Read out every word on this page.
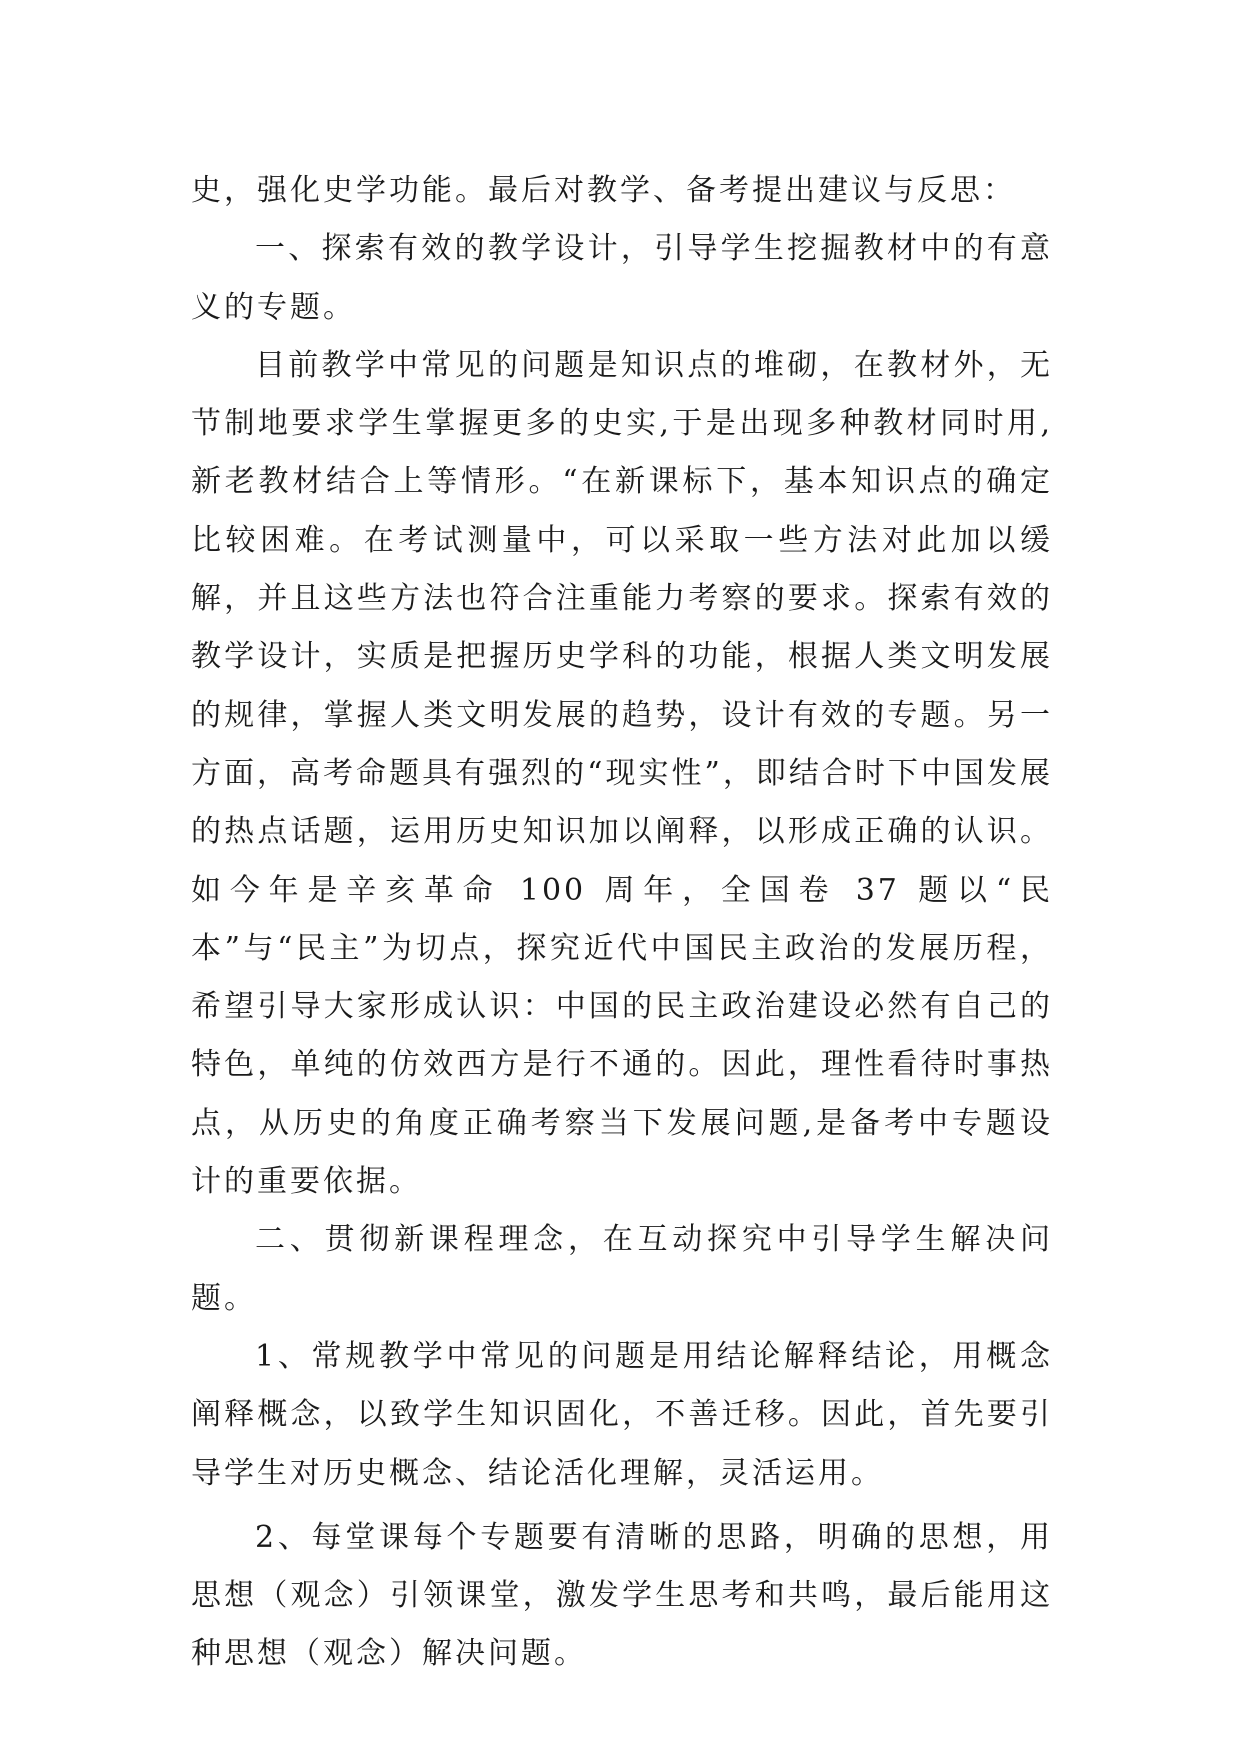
史，强化史学功能。最后对教学、备考提出建议与反思：

一、探索有效的教学设计，引导学生挖掘教材中的有意义的专题。

目前教学中常见的问题是知识点的堆砌，在教材外，无节制地要求学生掌握更多的史实,于是出现多种教材同时用,新老教材结合上等情形。“在新课标下，基本知识点的确定比较困难。在考试测量中，可以采取一些方法对此加以缓解，并且这些方法也符合注重能力考察的要求。探索有效的教学设计，实质是把握历史学科的功能，根据人类文明发展的规律，掌握人类文明发展的趋势，设计有效的专题。另一方面，高考命题具有强烈的“现实性”，即结合时下中国发展的热点话题，运用历史知识加以阐释，以形成正确的认识。如今年是辛亥革命 100 周年，全国卷 37 题以“民本”与“民主”为切点，探究近代中国民主政治的发展历程，希望引导大家形成认识：中国的民主政治建设必然有自己的特色，单纯的仿效西方是行不通的。因此，理性看待时事热点，从历史的角度正确考察当下发展问题,是备考中专题设计的重要依据。

二、贯彻新课程理念，在互动探究中引导学生解决问题。

1、常规教学中常见的问题是用结论解释结论，用概念阐释概念，以致学生知识固化，不善迁移。因此，首先要引导学生对历史概念、结论活化理解，灵活运用。

2、每堂课每个专题要有清晰的思路，明确的思想，用思想（观念）引领课堂，激发学生思考和共鸣，最后能用这种思想（观念）解决问题。
